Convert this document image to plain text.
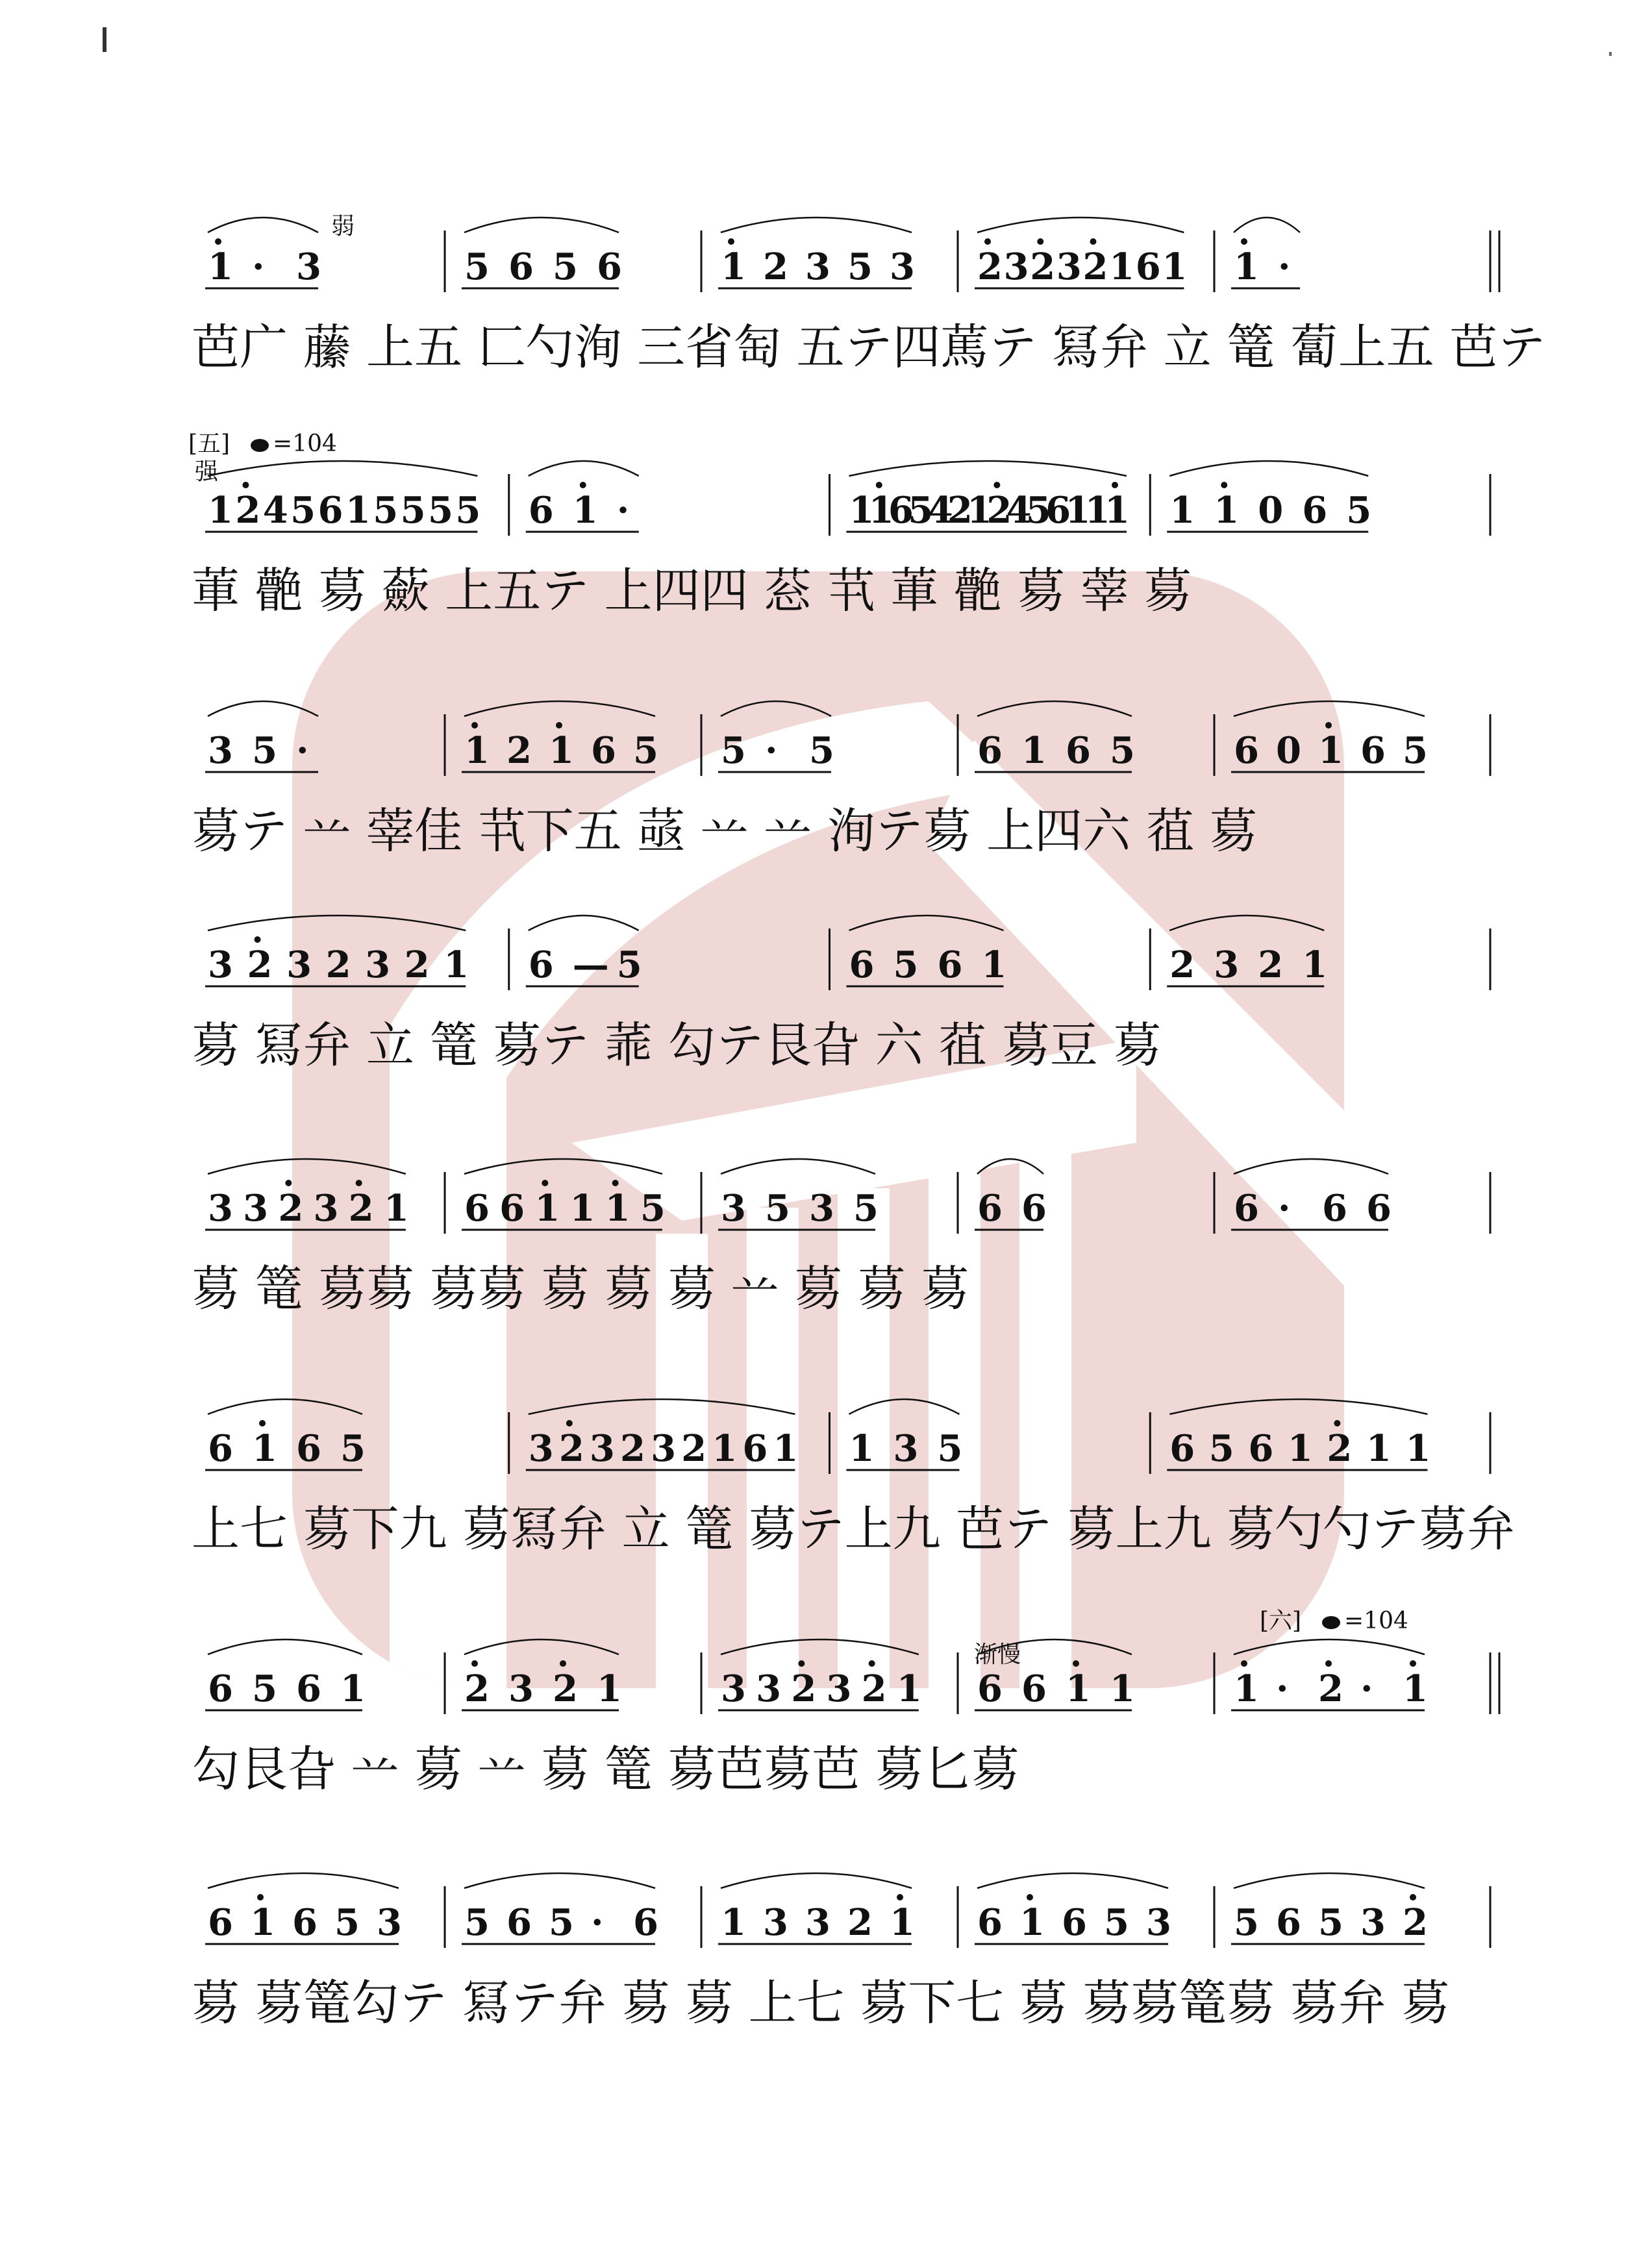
1 · 3	5 6 5 6	1 2 3 5 3 2 3 2 3 2 1 6 1 1 ·
芭广 䕨 上五 匚勺洵 三省匋 五テ四䔍テ 冩弁 立 篭 蔔上五 芭テ
1 2 4 5 6 1 5 5 5 5 6 1 ·	1
1
6
5
4
2
1
2
4
5
6
1
1
1 1 1 0 6 5
莗 䒐 䓪 蘝 上五テ 上四四 䓗 䒖 莗 䒐 䓪 䔂 䓪
3 5 ·	1 2 1 6 5 5 · 5	6 1 6 5	6 0 1 6 5
䓪テ 䒑 䔂佳 䒖下五 䓧 䒑 䒑 洵テ䓪 上四六 䓚 䓪
3 2 3 2 3 2 1 6 — 5	6 5 6 1	2 3 2 1
䓪 冩弁 立 篭 䓪テ 䓙 勾テ艮旮 六 䓚 䓪豆 䓪
3 3 2 3 2 1 6 6 1 1 1 5 3 5 3 5	6 6	6 · 6 6
䓪 篭 䓪䓪 䓪䓪 䓪 䓪 䓪 䒑 䓪 䓪 䓪
6 1 6 5	3 2 3 2 3 2 1 6 1 1 3 5	6 5 6 1 2 1 1
上七 䓪下九 䓪冩弁 立 篭 䓪テ上九 芭テ 䓪上九 䓪勺勺テ䓪弁
6 5 6 1	2 3 2 1	3 3 2 3 2 1 6 6 1 1	1 · 2 · 1
勾艮旮 䒑 䓪 䒑 䓪 篭 䓪芭䓪芭 䓪匕䓪
6 1 6 5 3 5 6 5 · 6 1 3 3 2 1 6 1 6 5 3 5 6 5 3 2
䓪 䓪篭勾テ 冩テ弁 䓪 䓪 上七 䓪下七 䓪 䓪䓪篭䓪 䓪弁 䓪
弱
[五] =104
强
渐慢
[六] =104
